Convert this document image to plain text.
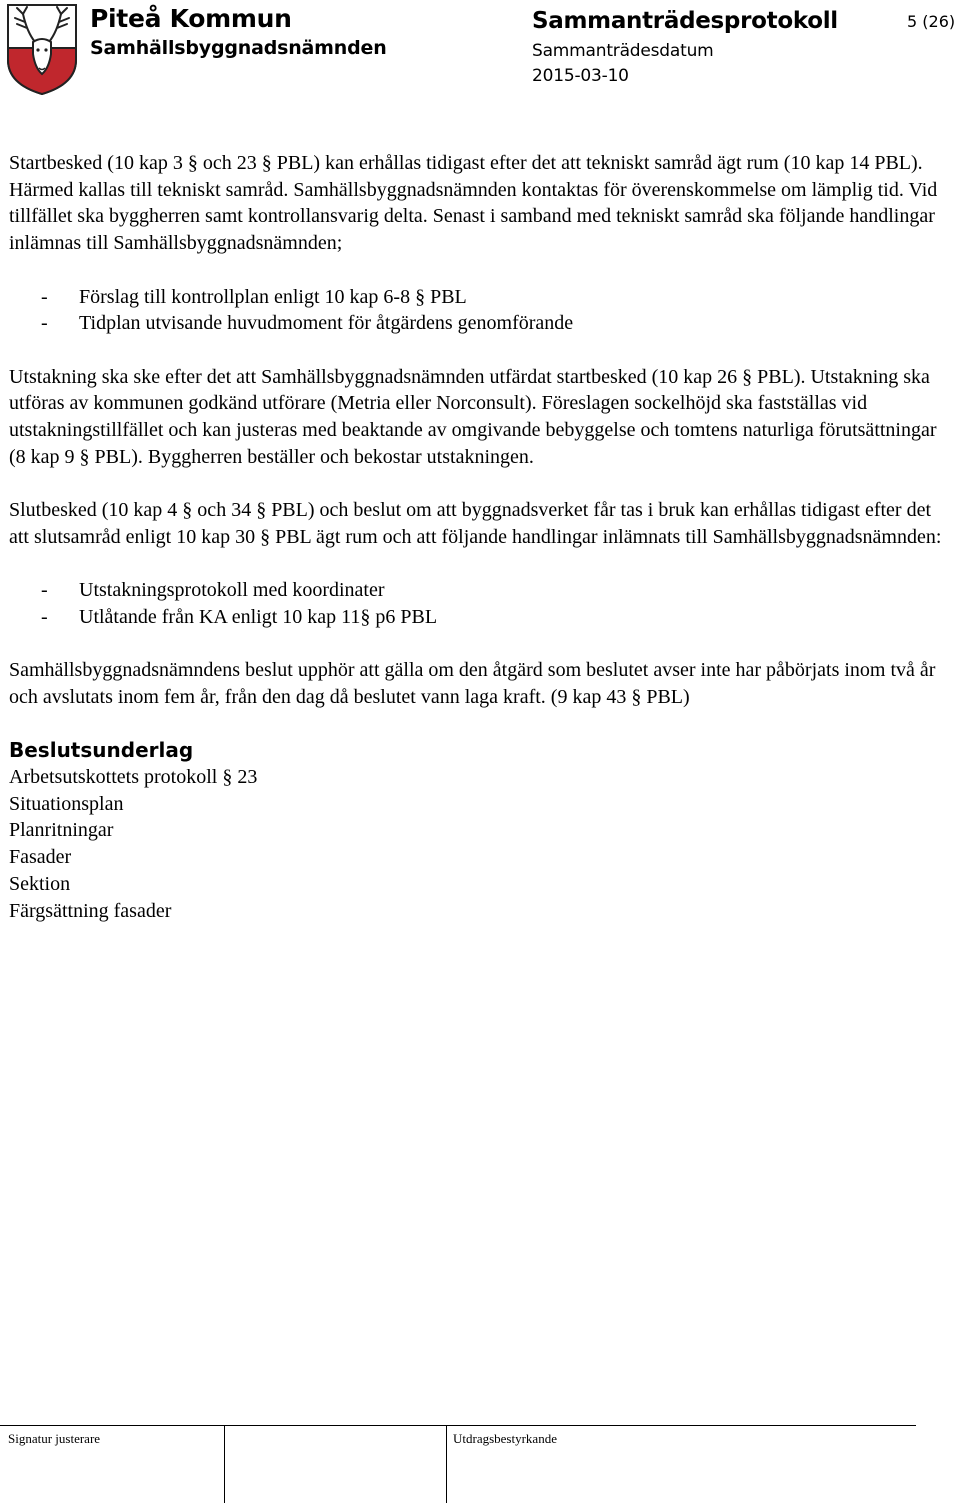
Piteå Kommun
Samhällsbyggnadsnämnden
Sammanträdesprotokoll
Sammanträdesdatum
2015-03-10
5 (26)

Startbesked (10 kap 3 § och 23 § PBL) kan erhållas tidigast efter det att tekniskt samråd ägt rum (10 kap 14 PBL). Härmed kallas till tekniskt samråd. Samhällsbyggnadsnämnden kontaktas för överenskommelse om lämplig tid. Vid tillfället ska byggherren samt kontrollansvarig delta. Senast i samband med tekniskt samråd ska följande handlingar inlämnas till Samhällsbyggnadsnämnden;

- Förslag till kontrollplan enligt 10 kap 6-8 § PBL
- Tidplan utvisande huvudmoment för åtgärdens genomförande

Utstakning ska ske efter det att Samhällsbyggnadsnämnden utfärdat startbesked (10 kap 26 § PBL). Utstakning ska utföras av kommunen godkänd utförare (Metria eller Norconsult). Föreslagen sockelhöjd ska fastställas vid utstakningstillfället och kan justeras med beaktande av omgivande bebyggelse och tomtens naturliga förutsättningar (8 kap 9 § PBL). Byggherren beställer och bekostar utstakningen.

Slutbesked (10 kap 4 § och 34 § PBL) och beslut om att byggnadsverket får tas i bruk kan erhållas tidigast efter det att slutsamråd enligt 10 kap 30 § PBL ägt rum och att följande handlingar inlämnats till Samhällsbyggnadsnämnden:

- Utstakningsprotokoll med koordinater
- Utlåtande från KA enligt 10 kap 11§ p6 PBL

Samhällsbyggnadsnämndens beslut upphör att gälla om den åtgärd som beslutet avser inte har påbörjats inom två år och avslutats inom fem år, från den dag då beslutet vann laga kraft. (9 kap 43 § PBL)

Beslutsunderlag
Arbetsutskottets protokoll § 23
Situationsplan
Planritningar
Fasader
Sektion
Färgsättning fasader
Signatur justerare	Utdragsbestyrkande
